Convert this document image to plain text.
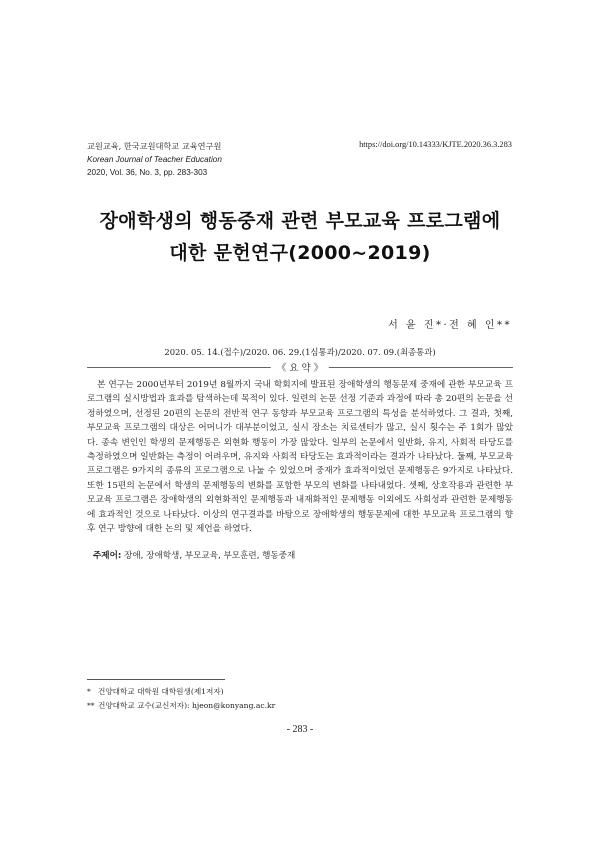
교원교육, 한국교원대학교 교육연구원
Korean Journal of Teacher Education
2020, Vol. 36, No. 3, pp. 283-303
https://doi.org/10.14333/KJTE.2020.36.3.283
장애학생의 행동중재 관련 부모교육 프로그램에
대한 문헌연구(2000~2019)
서 윤 진*·전 혜 인**
2020. 05. 14.(접수)/2020. 06. 29.(1심통과)/2020. 07. 09.(최종통과)
《 요 약 》

본 연구는 2000년부터 2019년 8월까지 국내 학회지에 발표된 장애학생의 행동문제 중재에 관한 부모교육 프로그램의 실시방법과 효과를 탐색하는데 목적이 있다. 일련의 논문 선정 기준과 과정에 따라 총 20편의 논문을 선정하였으며, 선정된 20편의 논문의 전반적 연구 동향과 부모교육 프로그램의 특성을 분석하였다. 그 결과, 첫째, 부모교육 프로그램의 대상은 어머니가 대부분이었고, 실시 장소는 치료센터가 많고, 실시 횟수는 주 1회가 많았다. 종속 변인인 학생의 문제행동은 외현화 행동이 가장 많았다. 일부의 논문에서 일반화, 유지, 사회적 타당도를 측정하였으며 일반화는 측정이 어려우며, 유지와 사회적 타당도는 효과적이라는 결과가 나타났다. 둘째, 부모교육 프로그램은 9가지의 종류의 프로그램으로 나눌 수 있었으며 중재가 효과적이었던 문제행동은 9가지로 나타났다. 또한 15편의 논문에서 학생의 문제행동의 변화를 포함한 부모의 변화를 나타내었다. 셋째, 상호작용과 관련한 부모교육 프로그램은 장애학생의 외현화적인 문제행동과 내재화적인 문제행동 이외에도 사회성과 관련한 문제행동에 효과적인 것으로 나타났다. 이상의 연구결과를 바탕으로 장애학생의 행동문제에 대한 부모교육 프로그램의 향후 연구 방향에 대한 논의 및 제언을 하였다.

주제어: 장애, 장애학생, 부모교육, 부모훈련, 행동중재
* 건양대학교 대학원 대학원생(제1저자)
** 건양대학교 교수(교신저자): hjeon@konyang.ac.kr
- 283 -
